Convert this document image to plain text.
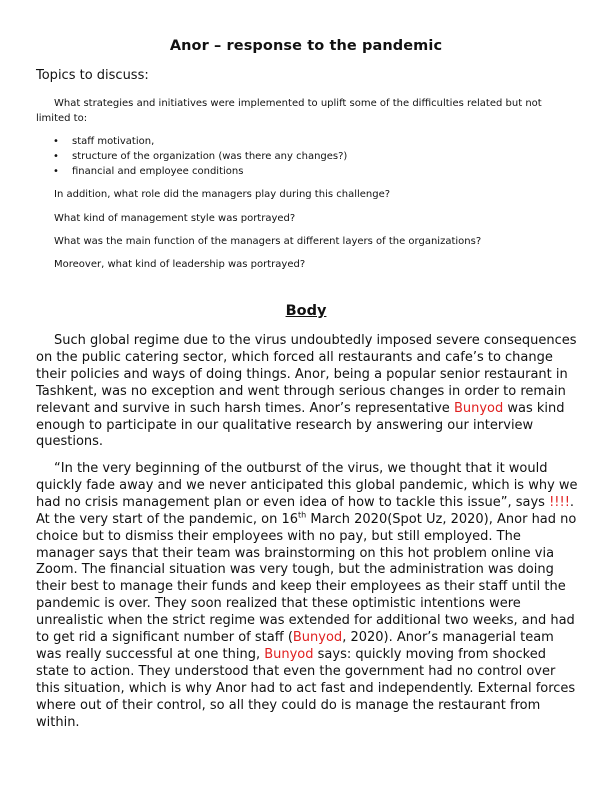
Anor – response to the pandemic
Topics to discuss:
What strategies and initiatives were implemented to uplift some of the difficulties related but not limited to:
• staff motivation,
• structure of the organization (was there any changes?)
• financial and employee conditions
In addition, what role did the managers play during this challenge?
What kind of management style was portrayed?
What was the main function of the managers at different layers of the organizations?
Moreover, what kind of leadership was portrayed?
Body

Such global regime due to the virus undoubtedly imposed severe consequences on the public catering sector, which forced all restaurants and cafe’s to change their policies and ways of doing things. Anor, being a popular senior restaurant in Tashkent, was no exception and went through serious changes in order to remain relevant and survive in such harsh times. Anor’s representative Bunyod was kind enough to participate in our qualitative research by answering our interview questions.

“In the very beginning of the outburst of the virus, we thought that it would quickly fade away and we never anticipated this global pandemic, which is why we had no crisis management plan or even idea of how to tackle this issue”, says !!!!. At the very start of the pandemic, on 16th March 2020(Spot Uz, 2020), Anor had no choice but to dismiss their employees with no pay, but still employed. The manager says that their team was brainstorming on this hot problem online via Zoom. The financial situation was very tough, but the administration was doing their best to manage their funds and keep their employees as their staff until the pandemic is over. They soon realized that these optimistic intentions were unrealistic when the strict regime was extended for additional two weeks, and had to get rid a significant number of staff (Bunyod, 2020). Anor’s managerial team was really successful at one thing, Bunyod says: quickly moving from shocked state to action. They understood that even the government had no control over this situation, which is why Anor had to act fast and independently. External forces where out of their control, so all they could do is manage the restaurant from within.
